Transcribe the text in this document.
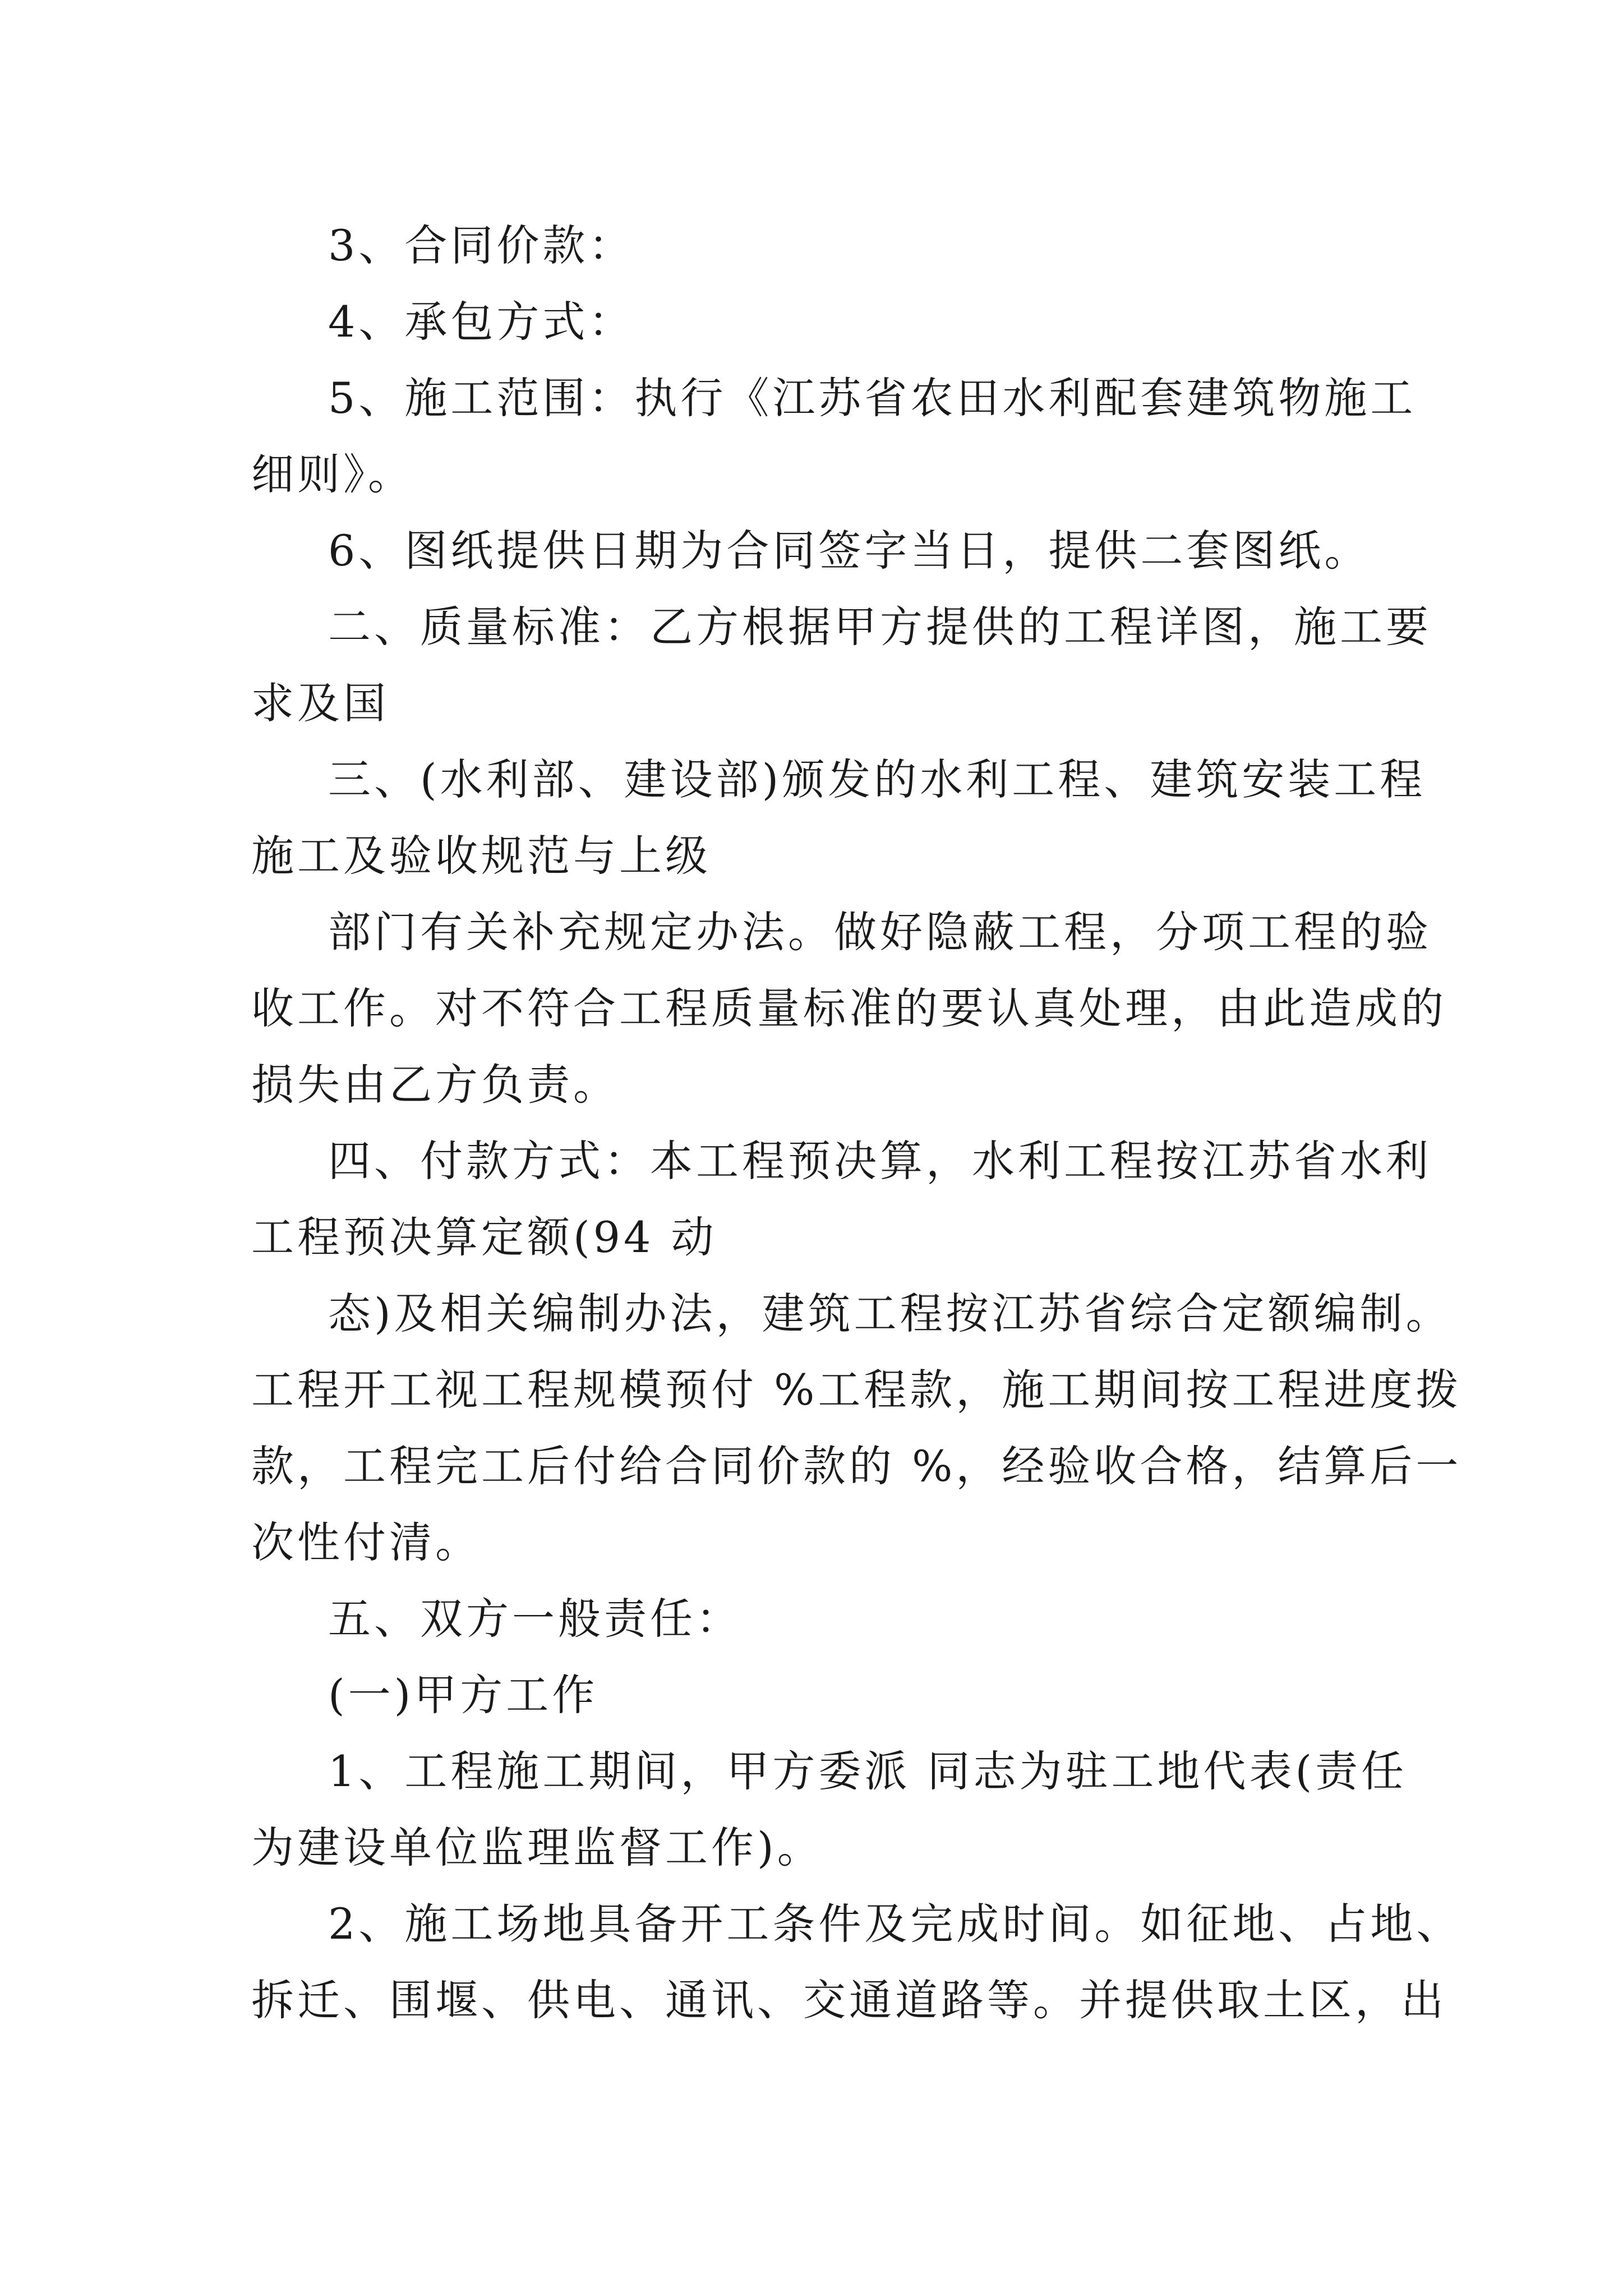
3、合同价款：
4、承包方式：
5、施工范围：执行《江苏省农田水利配套建筑物施工
细则》。
6、图纸提供日期为合同签字当日，提供二套图纸。
二、质量标准：乙方根据甲方提供的工程详图，施工要
求及国
三、(水利部、建设部)颁发的水利工程、建筑安装工程
施工及验收规范与上级
部门有关补充规定办法。做好隐蔽工程，分项工程的验
收工作。对不符合工程质量标准的要认真处理，由此造成的
损失由乙方负责。
四、付款方式：本工程预决算，水利工程按江苏省水利
工程预决算定额(94 动
态)及相关编制办法，建筑工程按江苏省综合定额编制。
工程开工视工程规模预付 %工程款，施工期间按工程进度拨
款，工程完工后付给合同价款的 %，经验收合格，结算后一
次性付清。
五、双方一般责任：
(一)甲方工作
1、工程施工期间，甲方委派 同志为驻工地代表(责任
为建设单位监理监督工作)。
2、施工场地具备开工条件及完成时间。如征地、占地、
拆迁、围堰、供电、通讯、交通道路等。并提供取土区，出
